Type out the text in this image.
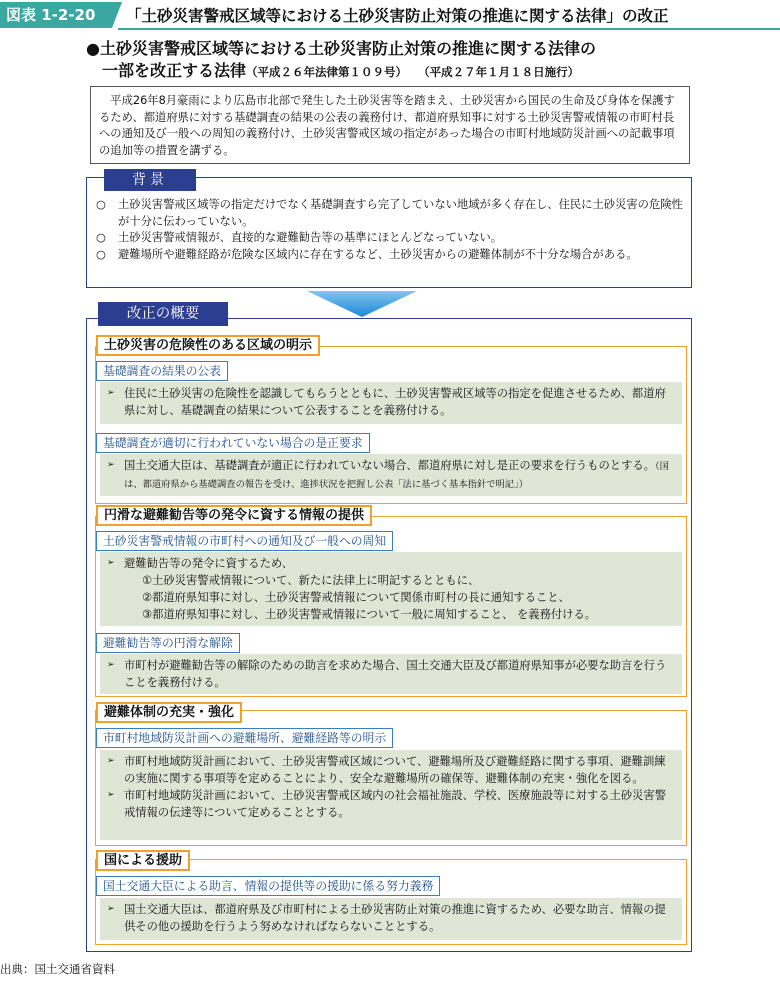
図表 1-2-20	「土砂災害警戒区域等における土砂災害防止対策の推進に関する法律」の改正
●土砂災害警戒区域等における土砂災害防止対策の推進に関する法律の
一部を改正する法律（平成２６年法律第１０９号） （平成２７年１月１８日施行）
平成26年8月豪雨により広島市北部で発生した土砂災害等を踏まえ、土砂災害から国民の生命及び身体を保護するため、都道府県に対する基礎調査の結果の公表の義務付け、都道府県知事に対する土砂災害警戒情報の市町村長への通知及び一般への周知の義務付け、土砂災害警戒区域の指定があった場合の市町村地域防災計画への記載事項の追加等の措置を講ずる。
背景
○ 土砂災害警戒区域等の指定だけでなく基礎調査すら完了していない地域が多く存在し、住民に土砂災害の危険性が十分に伝わっていない。
○ 土砂災害警戒情報が、直接的な避難勧告等の基準にほとんどなっていない。
○ 避難場所や避難経路が危険な区域内に存在するなど、土砂災害からの避難体制が不十分な場合がある。
改正の概要
土砂災害の危険性のある区域の明示
基礎調査の結果の公表
➢ 住民に土砂災害の危険性を認識してもらうとともに、土砂災害警戒区域等の指定を促進させるため、都道府県に対し、基礎調査の結果について公表することを義務付ける。
基礎調査が適切に行われていない場合の是正要求
➢ 国土交通大臣は、基礎調査が適正に行われていない場合、都道府県に対し是正の要求を行うものとする。（国は、都道府県から基礎調査の報告を受け、進捗状況を把握し公表「法に基づく基本指針で明記」）
円滑な避難勧告等の発令に資する情報の提供
土砂災害警戒情報の市町村への通知及び一般への周知
➢ 避難勧告等の発令に資するため、
①土砂災害警戒情報について、新たに法律上に明記するとともに、
②都道府県知事に対し、土砂災害警戒情報について関係市町村の長に通知すること、
③都道府県知事に対し、土砂災害警戒情報について一般に周知すること、 を義務付ける。
避難勧告等の円滑な解除
➢ 市町村が避難勧告等の解除のための助言を求めた場合、国土交通大臣及び都道府県知事が必要な助言を行うことを義務付ける。
避難体制の充実・強化
市町村地域防災計画への避難場所、避難経路等の明示
➢ 市町村地域防災計画において、土砂災害警戒区域について、避難場所及び避難経路に関する事項、避難訓練の実施に関する事項等を定めることにより、安全な避難場所の確保等、避難体制の充実・強化を図る。
➢ 市町村地域防災計画において、土砂災害警戒区域内の社会福祉施設、学校、医療施設等に対する土砂災害警戒情報の伝達等について定めることとする。
国による援助
国土交通大臣による助言、情報の提供等の援助に係る努力義務
➢ 国土交通大臣は、都道府県及び市町村による土砂災害防止対策の推進に資するため、必要な助言、情報の提供その他の援助を行うよう努めなければならないこととする。
出典：国土交通省資料
